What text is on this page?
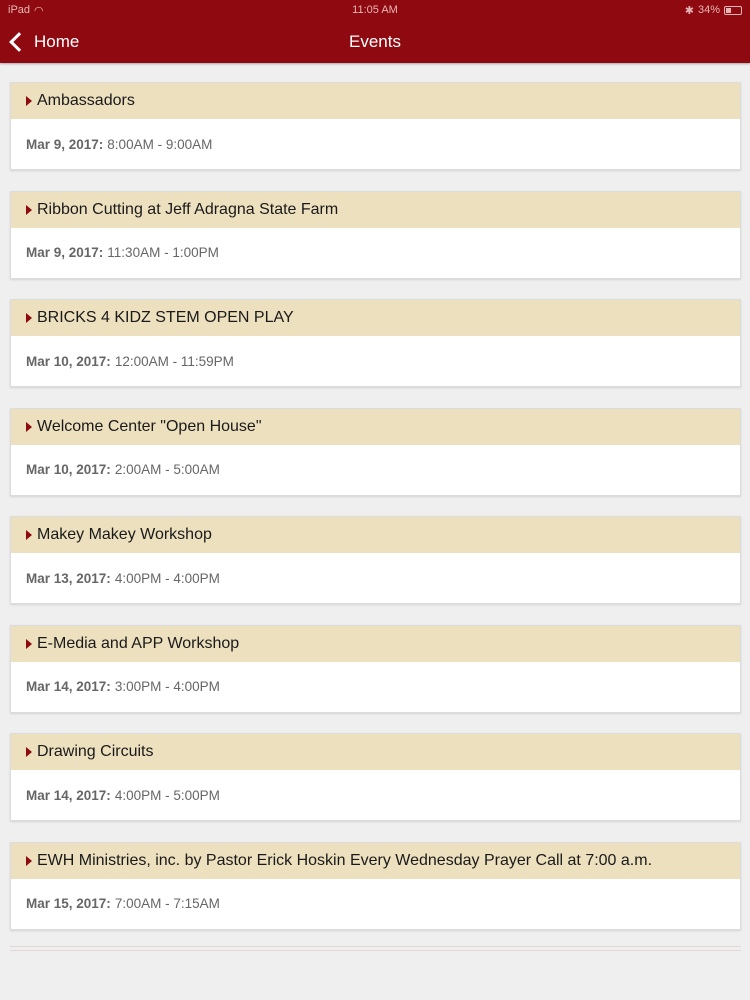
iPad ◠	11:05 AM	✱ 34%
Home	Events
Ambassadors
Mar 9, 2017: 8:00AM - 9:00AM
Ribbon Cutting at Jeff Adragna State Farm
Mar 9, 2017: 11:30AM - 1:00PM
BRICKS 4 KIDZ STEM OPEN PLAY
Mar 10, 2017: 12:00AM - 11:59PM
Welcome Center "Open House"
Mar 10, 2017: 2:00AM - 5:00AM
Makey Makey Workshop
Mar 13, 2017: 4:00PM - 4:00PM
E-Media and APP Workshop
Mar 14, 2017: 3:00PM - 4:00PM
Drawing Circuits
Mar 14, 2017: 4:00PM - 5:00PM
EWH Ministries, inc. by Pastor Erick Hoskin Every Wednesday Prayer Call at 7:00 a.m.
Mar 15, 2017: 7:00AM - 7:15AM
